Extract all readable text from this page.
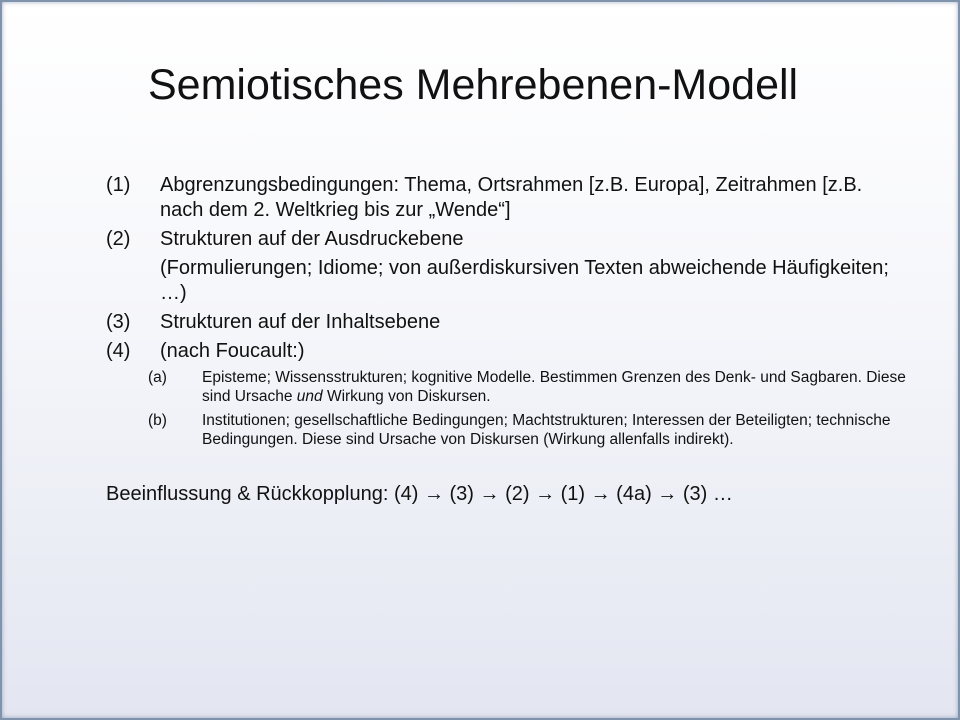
Semiotisches Mehrebenen-Modell
(1)	Abgrenzungsbedingungen: Thema, Ortsrahmen [z.B. Europa], Zeitrahmen [z.B. nach dem 2. Weltkrieg bis zur „Wende“]
(2)	Strukturen auf der Ausdruckebene
(Formulierungen; Idiome; von außerdiskursiven Texten abweichende Häufigkeiten; …)
(3)	Strukturen auf der Inhaltsebene
(4)	(nach Foucault:)
(a)	Episteme; Wissensstrukturen; kognitive Modelle. Bestimmen Grenzen des Denk- und Sagbaren. Diese sind Ursache und Wirkung von Diskursen.
(b)	Institutionen; gesellschaftliche Bedingungen; Machtstrukturen; Interessen der Beteiligten; technische Bedingungen. Diese sind Ursache von Diskursen (Wirkung allenfalls indirekt).
Beeinflussung & Rückkopplung: (4) → (3) → (2) → (1) → (4a) → (3) …
